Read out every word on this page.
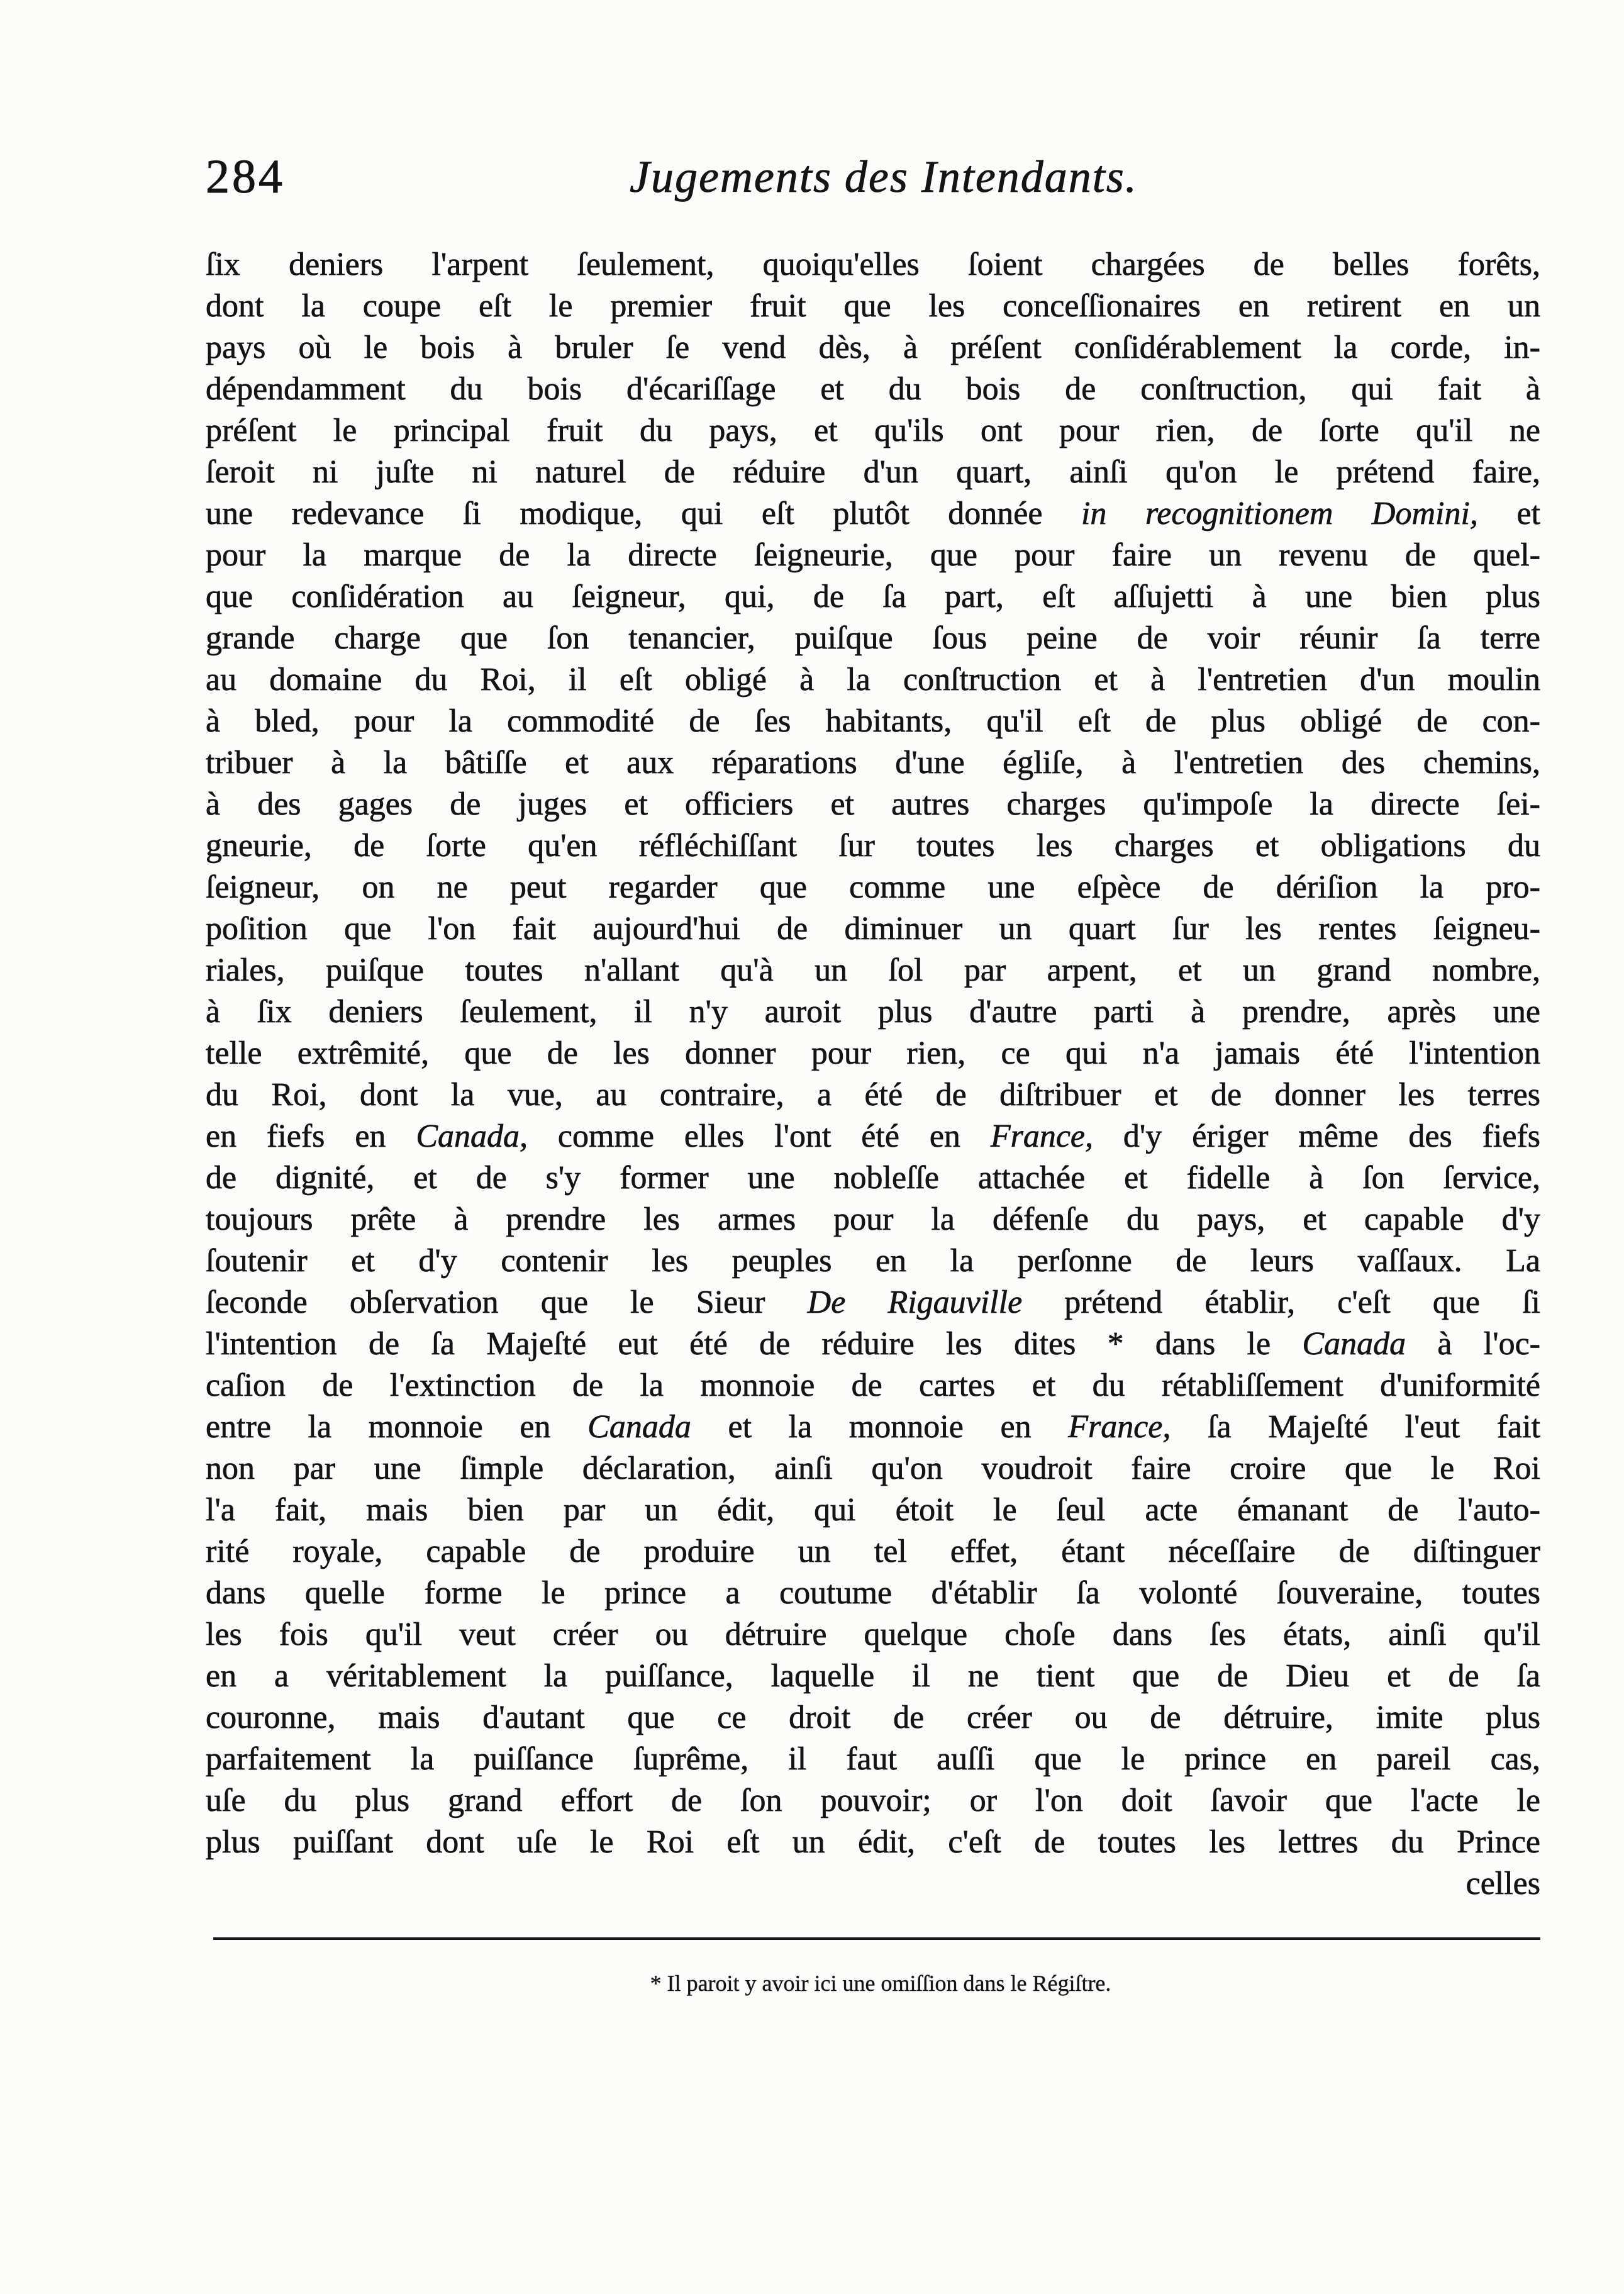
284	Jugements des Intendants.
ſix deniers l'arpent ſeulement, quoiqu'elles ſoient chargées de belles forêts,
dont la coupe eſt le premier fruit que les conceſſionaires en retirent en un
pays où le bois à bruler ſe vend dès, à préſent conſidérablement la corde, in-
dépendamment du bois d'écariſſage et du bois de conſtruction, qui fait à
préſent le principal fruit du pays, et qu'ils ont pour rien, de ſorte qu'il ne
ſeroit ni juſte ni naturel de réduire d'un quart, ainſi qu'on le prétend faire,
une redevance ſi modique, qui eſt plutôt donnée in recognitionem Domini, et
pour la marque de la directe ſeigneurie, que pour faire un revenu de quel-
que conſidération au ſeigneur, qui, de ſa part, eſt aſſujetti à une bien plus
grande charge que ſon tenancier, puiſque ſous peine de voir réunir ſa terre
au domaine du Roi, il eſt obligé à la conſtruction et à l'entretien d'un moulin
à bled, pour la commodité de ſes habitants, qu'il eſt de plus obligé de con-
tribuer à la bâtiſſe et aux réparations d'une égliſe, à l'entretien des chemins,
à des gages de juges et officiers et autres charges qu'impoſe la directe ſei-
gneurie, de ſorte qu'en réfléchiſſant ſur toutes les charges et obligations du
ſeigneur, on ne peut regarder que comme une eſpèce de dériſion la pro-
poſition que l'on fait aujourd'hui de diminuer un quart ſur les rentes ſeigneu-
riales, puiſque toutes n'allant qu'à un ſol par arpent, et un grand nombre,
à ſix deniers ſeulement, il n'y auroit plus d'autre parti à prendre, après une
telle extrêmité, que de les donner pour rien, ce qui n'a jamais été l'intention
du Roi, dont la vue, au contraire, a été de diſtribuer et de donner les terres
en fiefs en Canada, comme elles l'ont été en France, d'y ériger même des fiefs
de dignité, et de s'y former une nobleſſe attachée et fidelle à ſon ſervice,
toujours prête à prendre les armes pour la défenſe du pays, et capable d'y
ſoutenir et d'y contenir les peuples en la perſonne de leurs vaſſaux. La
ſeconde obſervation que le Sieur De Rigauville prétend établir, c'eſt que ſi
l'intention de ſa Majeſté eut été de réduire les dites * dans le Canada à l'oc-
caſion de l'extinction de la monnoie de cartes et du rétabliſſement d'uniformité
entre la monnoie en Canada et la monnoie en France, ſa Majeſté l'eut fait
non par une ſimple déclaration, ainſi qu'on voudroit faire croire que le Roi
l'a fait, mais bien par un édit, qui étoit le ſeul acte émanant de l'auto-
rité royale, capable de produire un tel effet, étant néceſſaire de diſtinguer
dans quelle forme le prince a coutume d'établir ſa volonté ſouveraine, toutes
les fois qu'il veut créer ou détruire quelque choſe dans ſes états, ainſi qu'il
en a véritablement la puiſſance, laquelle il ne tient que de Dieu et de ſa
couronne, mais d'autant que ce droit de créer ou de détruire, imite plus
parfaitement la puiſſance ſuprême, il faut auſſi que le prince en pareil cas,
uſe du plus grand effort de ſon pouvoir; or l'on doit ſavoir que l'acte le
plus puiſſant dont uſe le Roi eſt un édit, c'eſt de toutes les lettres du Prince
celles
* Il paroit y avoir ici une omiſſion dans le Régiſtre.
